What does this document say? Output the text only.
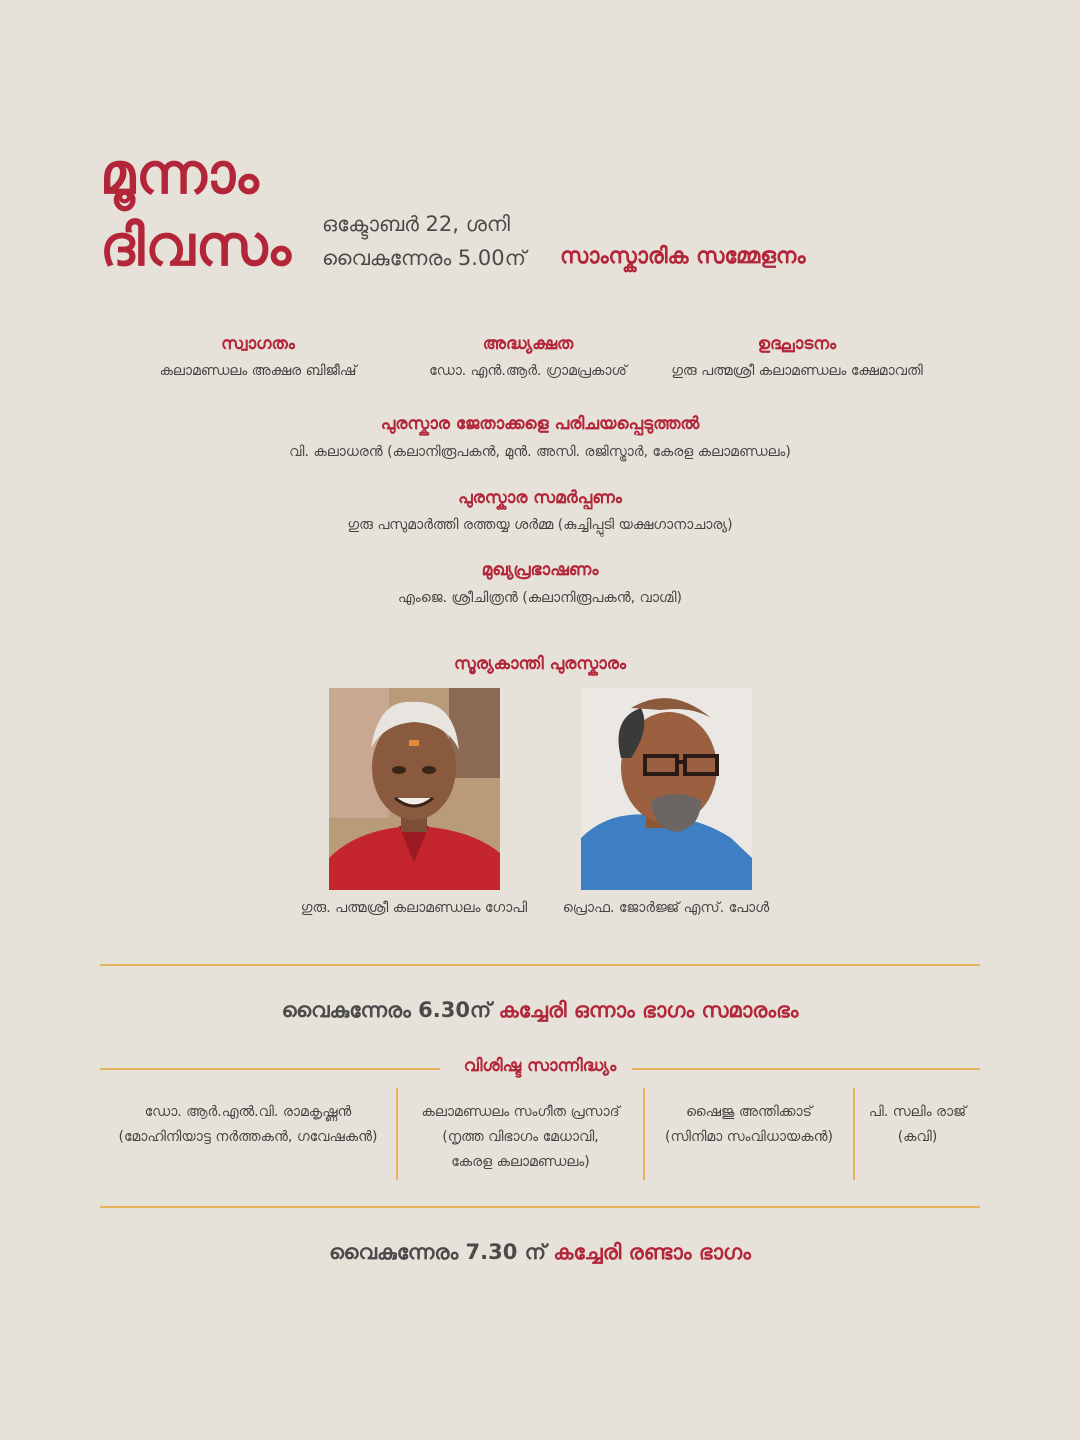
മൂന്നാം
ദിവസം ഒക്ടോബർ 22, ശനി
വൈകുന്നേരം 5.00ന് സാംസ്കാരിക സമ്മേളനം
സ്വാഗതം
കലാമണ്ഡലം അക്ഷര ബിജീഷ്
അദ്ധ്യക്ഷത
ഡോ. എൻ.ആർ. ഗ്രാമപ്രകാശ്
ഉദ്ഘാടനം
ഗുരു പത്മശ്രീ കലാമണ്ഡലം ക്ഷേമാവതി
പുരസ്കാര ജേതാക്കളെ പരിചയപ്പെടുത്തൽ
വി. കലാധരൻ (കലാനിരൂപകൻ, മുൻ. അസി. രജിസ്ട്രാർ, കേരള കലാമണ്ഡലം)
പുരസ്കാര സമർപ്പണം
ഗുരു പസുമാർത്തി രത്തയ്യ ശർമ്മ (കുച്ചിപ്പുടി യക്ഷഗാനാചാര്യ)
മുഖ്യപ്രഭാഷണം
എംജെ. ശ്രീചിത്രൻ (കലാനിരൂപകൻ, വാഗ്മി)
സൂര്യകാന്തി പുരസ്കാരം
ഗുരു. പത്മശ്രീ കലാമണ്ഡലം ഗോപി	പ്രൊഫ. ജോർജ്ജ് എസ്. പോൾ
വൈകുന്നേരം 6.30ന് കച്ചേരി ഒന്നാം ഭാഗം സമാരംഭം
വിശിഷ്ട സാന്നിദ്ധ്യം
ഡോ. ആർ.എൽ.വി. രാമകൃഷ്ണൻ
(മോഹിനിയാട്ട നർത്തകൻ, ഗവേഷകൻ)
കലാമണ്ഡലം സംഗീത പ്രസാദ്
(നൃത്ത വിഭാഗം മേധാവി,
കേരള കലാമണ്ഡലം)
ഷൈജു അന്തിക്കാട്
(സിനിമാ സംവിധായകൻ)
പി. സലിം രാജ്
(കവി)
വൈകുന്നേരം 7.30 ന് കച്ചേരി രണ്ടാം ഭാഗം
